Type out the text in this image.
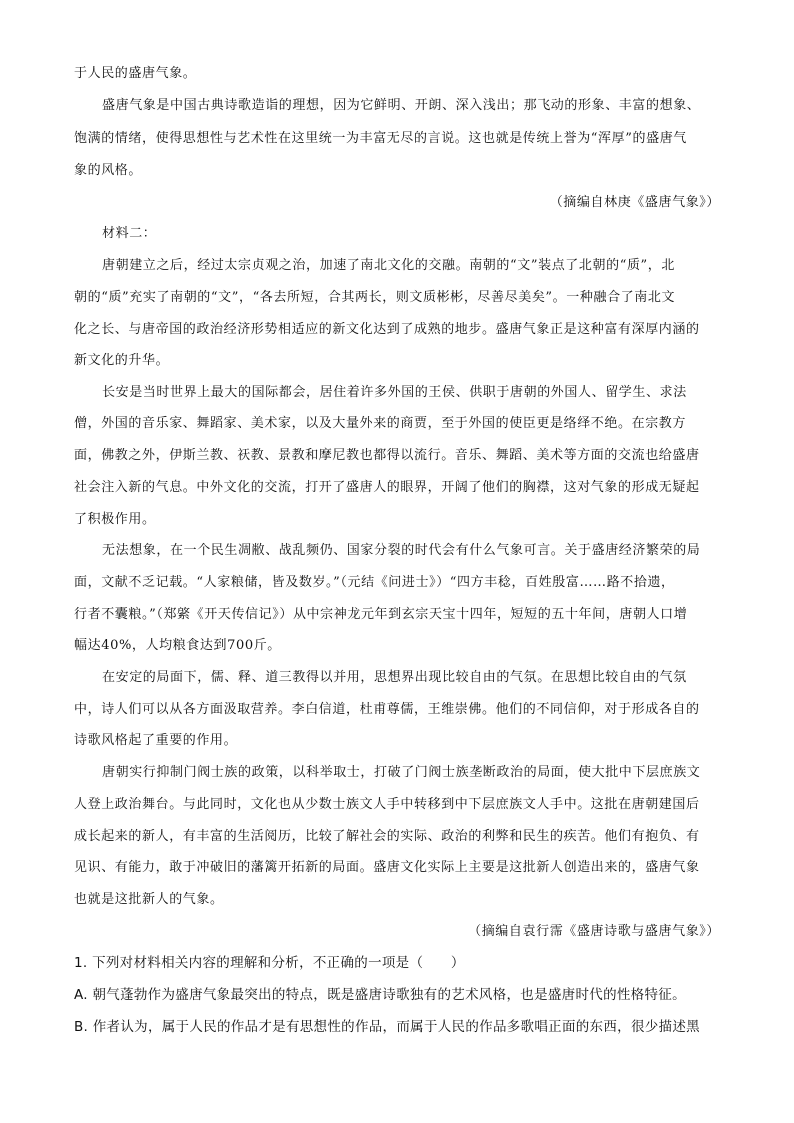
于人民的盛唐气象。
盛唐气象是中国古典诗歌造诣的理想，因为它鲜明、开朗、深入浅出；那飞动的形象、丰富的想象、
饱满的情绪，使得思想性与艺术性在这里统一为丰富无尽的言说。这也就是传统上誉为“浑厚”的盛唐气
象的风格。
（摘编自林庚《盛唐气象》）
材料二：
唐朝建立之后，经过太宗贞观之治，加速了南北文化的交融。南朝的“文”装点了北朝的“质”，北
朝的“质”充实了南朝的“文”，“各去所短，合其两长，则文质彬彬，尽善尽美矣”。一种融合了南北文
化之长、与唐帝国的政治经济形势相适应的新文化达到了成熟的地步。盛唐气象正是这种富有深厚内涵的
新文化的升华。
长安是当时世界上最大的国际都会，居住着许多外国的王侯、供职于唐朝的外国人、留学生、求法
僧，外国的音乐家、舞蹈家、美术家，以及大量外来的商贾，至于外国的使臣更是络绎不绝。在宗教方
面，佛教之外，伊斯兰教、祆教、景教和摩尼教也都得以流行。音乐、舞蹈、美术等方面的交流也给盛唐
社会注入新的气息。中外文化的交流，打开了盛唐人的眼界，开阔了他们的胸襟，这对气象的形成无疑起
了积极作用。
无法想象，在一个民生凋敝、战乱频仍、国家分裂的时代会有什么气象可言。关于盛唐经济繁荣的局
面，文献不乏记载。“人家粮储，皆及数岁。”（元结《问进士》）“四方丰稔，百姓殷富……路不拾遗，
行者不囊粮。”（郑綮《开天传信记》）从中宗神龙元年到玄宗天宝十四年，短短的五十年间，唐朝人口增
幅达40%，人均粮食达到700斤。
在安定的局面下，儒、释、道三教得以并用，思想界出现比较自由的气氛。在思想比较自由的气氛
中，诗人们可以从各方面汲取营养。李白信道，杜甫尊儒，王维崇佛。他们的不同信仰，对于形成各自的
诗歌风格起了重要的作用。
唐朝实行抑制门阀士族的政策，以科举取士，打破了门阀士族垄断政治的局面，使大批中下层庶族文
人登上政治舞台。与此同时，文化也从少数士族文人手中转移到中下层庶族文人手中。这批在唐朝建国后
成长起来的新人，有丰富的生活阅历，比较了解社会的实际、政治的利弊和民生的疾苦。他们有抱负、有
见识、有能力，敢于冲破旧的藩篱开拓新的局面。盛唐文化实际上主要是这批新人创造出来的，盛唐气象
也就是这批新人的气象。
（摘编自袁行霈《盛唐诗歌与盛唐气象》）
1. 下列对材料相关内容的理解和分析，不正确的一项是（　　）
A. 朝气蓬勃作为盛唐气象最突出的特点，既是盛唐诗歌独有的艺术风格，也是盛唐时代的性格特征。
B. 作者认为，属于人民的作品才是有思想性的作品，而属于人民的作品多歌唱正面的东西，很少描述黑
